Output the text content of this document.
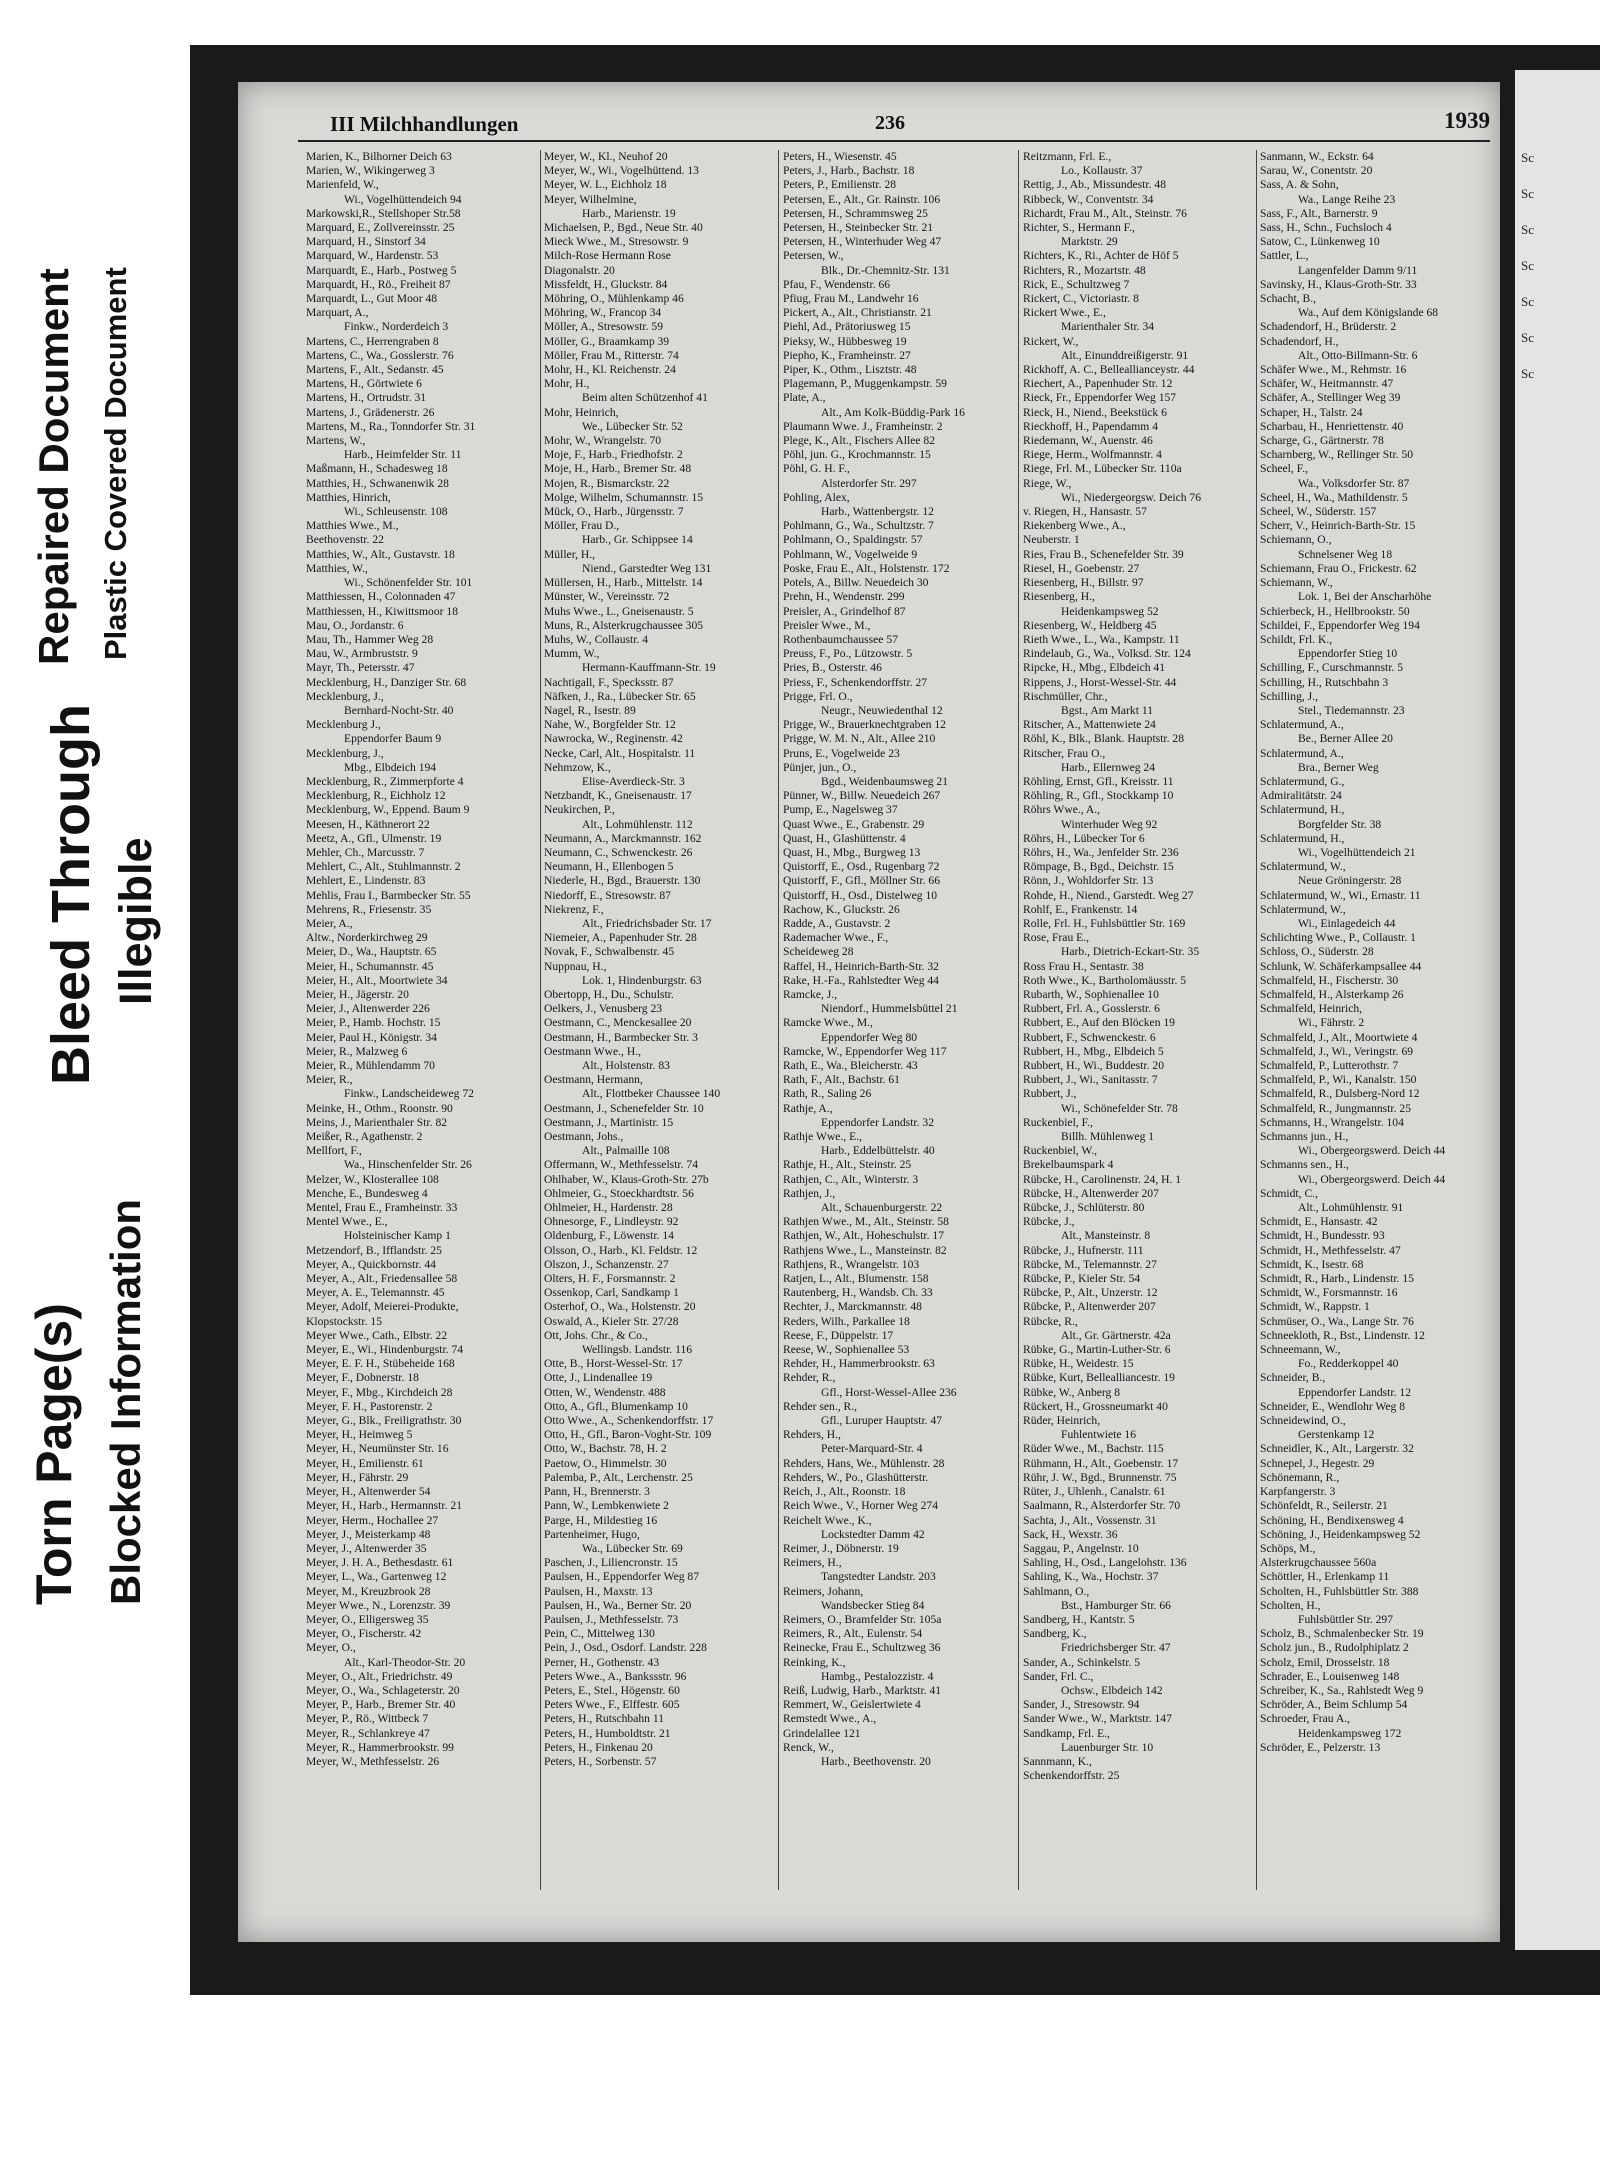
Torn Page(s) Blocked Information
Bleed Through Illegible
Repaired Document Plastic Covered Document
Sc
Sc
Sc
Sc
Sc
Sc
Sc
III Milchhandlungen	236	1939
Marien, K., Bilhorner Deich 63
Marien, W., Wikingerweg 3
Marienfeld, W.,
Wi., Vogelhüttendeich 94
Markowski,R., Stellshoper Str.58
Marquard, E., Zollvereinsstr. 25
Marquard, H., Sinstorf 34
Marquard, W., Hardenstr. 53
Marquardt, E., Harb., Postweg 5
Marquardt, H., Rö., Freiheit 87
Marquardt, L., Gut Moor 48
Marquart, A.,
Finkw., Norderdeich 3
Martens, C., Herrengraben 8
Martens, C., Wa., Gosslerstr. 76
Martens, F., Alt., Sedanstr. 45
Martens, H., Görtwiete 6
Martens, H., Ortrudstr. 31
Martens, J., Grädenerstr. 26
Martens, M., Ra., Tonndorfer Str. 31
Martens, W.,
Harb., Heimfelder Str. 11
Maßmann, H., Schadesweg 18
Matthies, H., Schwanenwik 28
Matthies, Hinrich,
Wi., Schleusenstr. 108
Matthies Wwe., M.,
Beethovenstr. 22
Matthies, W., Alt., Gustavstr. 18
Matthies, W.,
Wi., Schönenfelder Str. 101
Matthiessen, H., Colonnaden 47
Matthiessen, H., Kiwittsmoor 18
Mau, O., Jordanstr. 6
Mau, Th., Hammer Weg 28
Mau, W., Armbruststr. 9
Mayr, Th., Petersstr. 47
Mecklenburg, H., Danziger Str. 68
Mecklenburg, J.,
Bernhard-Nocht-Str. 40
Mecklenburg J.,
Eppendorfer Baum 9
Mecklenburg, J.,
Mbg., Elbdeich 194
Mecklenburg, R., Zimmerpforte 4
Mecklenburg, R., Eichholz 12
Mecklenburg, W., Eppend. Baum 9
Meesen, H., Käthnerort 22
Meetz, A., Gfl., Ulmenstr. 19
Mehler, Ch., Marcusstr. 7
Mehlert, C., Alt., Stuhlmannstr. 2
Mehlert, E., Lindenstr. 83
Mehlis, Frau I., Barmbecker Str. 55
Mehrens, R., Friesenstr. 35
Meier, A.,
Altw., Norderkirchweg 29
Meier, D., Wa., Hauptstr. 65
Meier, H., Schumannstr. 45
Meier, H., Alt., Moortwiete 34
Meier, H., Jägerstr. 20
Meier, J., Altenwerder 226
Meier, P., Hamb. Hochstr. 15
Meier, Paul H., Königstr. 34
Meier, R., Malzweg 6
Meier, R., Mühlendamm 70
Meier, R.,
Finkw., Landscheideweg 72
Meinke, H., Othm., Roonstr. 90
Meins, J., Marienthaler Str. 82
Meißer, R., Agathenstr. 2
Mellfort, F.,
Wa., Hinschenfelder Str. 26
Melzer, W., Klosterallee 108
Menche, E., Bundesweg 4
Mentel, Frau E., Framheinstr. 33
Mentel Wwe., E.,
Holsteinischer Kamp 1
Metzendorf, B., Ifflandstr. 25
Meyer, A., Quickbornstr. 44
Meyer, A., Alt., Friedensallee 58
Meyer, A. E., Telemannstr. 45
Meyer, Adolf, Meierei-Produkte,
Klopstockstr. 15
Meyer Wwe., Cath., Elbstr. 22
Meyer, E., Wi., Hindenburgstr. 74
Meyer, E. F. H., Stübeheide 168
Meyer, F., Dobnerstr. 18
Meyer, F., Mbg., Kirchdeich 28
Meyer, F. H., Pastorenstr. 2
Meyer, G., Blk., Freiligrathstr. 30
Meyer, H., Heimweg 5
Meyer, H., Neumünster Str. 16
Meyer, H., Emilienstr. 61
Meyer, H., Fährstr. 29
Meyer, H., Altenwerder 54
Meyer, H., Harb., Hermannstr. 21
Meyer, Herm., Hochallee 27
Meyer, J., Meisterkamp 48
Meyer, J., Altenwerder 35
Meyer, J. H. A., Bethesdastr. 61
Meyer, L., Wa., Gartenweg 12
Meyer, M., Kreuzbrook 28
Meyer Wwe., N., Lorenzstr. 39
Meyer, O., Elligersweg 35
Meyer, O., Fischerstr. 42
Meyer, O.,
Alt., Karl-Theodor-Str. 20
Meyer, O., Alt., Friedrichstr. 49
Meyer, O., Wa., Schlageterstr. 20
Meyer, P., Harb., Bremer Str. 40
Meyer, P., Rö., Wittbeck 7
Meyer, R., Schlankreye 47
Meyer, R., Hammerbrookstr. 99
Meyer, W., Methfesselstr. 26
Meyer, W., Kl., Neuhof 20
Meyer, W., Wi., Vogelhüttend. 13
Meyer, W. L., Eichholz 18
Meyer, Wilhelmine,
Harb., Marienstr. 19
Michaelsen, P., Bgd., Neue Str. 40
Mieck Wwe., M., Stresowstr. 9
Milch-Rose Hermann Rose
Diagonalstr. 20
Missfeldt, H., Gluckstr. 84
Möhring, O., Mühlenkamp 46
Möhring, W., Francop 34
Möller, A., Stresowstr. 59
Möller, G., Braamkamp 39
Möller, Frau M., Ritterstr. 74
Mohr, H., Kl. Reichenstr. 24
Mohr, H.,
Beim alten Schützenhof 41
Mohr, Heinrich,
We., Lübecker Str. 52
Mohr, W., Wrangelstr. 70
Moje, F., Harb., Friedhofstr. 2
Moje, H., Harb., Bremer Str. 48
Mojen, R., Bismarckstr. 22
Molge, Wilhelm, Schumannstr. 15
Mück, O., Harb., Jürgensstr. 7
Möller, Frau D.,
Harb., Gr. Schippsee 14
Müller, H.,
Niend., Garstedter Weg 131
Müllersen, H., Harb., Mittelstr. 14
Münster, W., Vereinsstr. 72
Muhs Wwe., L., Gneisenaustr. 5
Muns, R., Alsterkrugchaussee 305
Muhs, W., Collaustr. 4
Mumm, W.,
Hermann-Kauffmann-Str. 19
Nachtigall, F., Specksstr. 87
Näfken, J., Ra., Lübecker Str. 65
Nagel, R., Isestr. 89
Nahe, W., Borgfelder Str. 12
Nawrocka, W., Reginenstr. 42
Necke, Carl, Alt., Hospitalstr. 11
Nehmzow, K.,
Elise-Averdieck-Str. 3
Netzbandt, K., Gneisenaustr. 17
Neukirchen, P.,
Alt., Lohmühlenstr. 112
Neumann, A., Marckmannstr. 162
Neumann, C., Schwenckestr. 26
Neumann, H., Ellenbogen 5
Niederle, H., Bgd., Brauerstr. 130
Niedorff, E., Stresowstr. 87
Niekrenz, F.,
Alt., Friedrichsbader Str. 17
Niemeier, A., Papenhuder Str. 28
Novak, F., Schwalbenstr. 45
Nuppnau, H.,
Lok. 1, Hindenburgstr. 63
Obertopp, H., Du., Schulstr.
Oelkers, J., Venusberg 23
Oestmann, C., Menckesallee 20
Oestmann, H., Barmbecker Str. 3
Oestmann Wwe., H.,
Alt., Holstenstr. 83
Oestmann, Hermann,
Alt., Flottbeker Chaussee 140
Oestmann, J., Schenefelder Str. 10
Oestmann, J., Martinistr. 15
Oestmann, Johs.,
Alt., Palmaille 108
Offermann, W., Methfesselstr. 74
Ohlhaber, W., Klaus-Groth-Str. 27b
Ohlmeier, G., Stoeckhardtstr. 56
Ohlmeier, H., Hardenstr. 28
Ohnesorge, F., Lindleystr. 92
Oldenburg, F., Löwenstr. 14
Olsson, O., Harb., Kl. Feldstr. 12
Olszon, J., Schanzenstr. 27
Olters, H. F., Forsmannstr. 2
Ossenkop, Carl, Sandkamp 1
Osterhof, O., Wa., Holstenstr. 20
Oswald, A., Kieler Str. 27/28
Ott, Johs. Chr., & Co.,
Wellingsb. Landstr. 116
Otte, B., Horst-Wessel-Str. 17
Otte, J., Lindenallee 19
Otten, W., Wendenstr. 488
Otto, A., Gfl., Blumenkamp 10
Otto Wwe., A., Schenkendorffstr. 17
Otto, H., Gfl., Baron-Voght-Str. 109
Otto, W., Bachstr. 78, H. 2
Paetow, O., Himmelstr. 30
Palemba, P., Alt., Lerchenstr. 25
Pann, H., Brennerstr. 3
Pann, W., Lembkenwiete 2
Parge, H., Mildestieg 16
Partenheimer, Hugo,
Wa., Lübecker Str. 69
Paschen, J., Liliencronstr. 15
Paulsen, H., Eppendorfer Weg 87
Paulsen, H., Maxstr. 13
Paulsen, H., Wa., Berner Str. 20
Paulsen, J., Methfesselstr. 73
Pein, C., Mittelweg 130
Pein, J., Osd., Osdorf. Landstr. 228
Perner, H., Gothenstr. 43
Peters Wwe., A., Bankssstr. 96
Peters, E., Stel., Högenstr. 60
Peters Wwe., F., Elffestr. 605
Peters, H., Rutschbahn 11
Peters, H., Humboldtstr. 21
Peters, H., Finkenau 20
Peters, H., Sorbenstr. 57
Peters, H., Wiesenstr. 45
Peters, J., Harb., Bachstr. 18
Peters, P., Emilienstr. 28
Petersen, E., Alt., Gr. Rainstr. 106
Petersen, H., Schrammsweg 25
Petersen, H., Steinbecker Str. 21
Petersen, H., Winterhuder Weg 47
Petersen, W.,
Blk., Dr.-Chemnitz-Str. 131
Pfau, F., Wendenstr. 66
Pfiug, Frau M., Landwehr 16
Pickert, A., Alt., Christianstr. 21
Piehl, Ad., Prätoriusweg 15
Pieksy, W., Hübbesweg 19
Piepho, K., Framheinstr. 27
Piper, K., Othm., Lisztstr. 48
Plagemann, P., Muggenkampstr. 59
Plate, A.,
Alt., Am Kolk-Büddig-Park 16
Plaumann Wwe. J., Framheinstr. 2
Plege, K., Alt., Fischers Allee 82
Pöhl, jun. G., Krochmannstr. 15
Pöhl, G. H. F.,
Alsterdorfer Str. 297
Pohling, Alex,
Harb., Wattenbergstr. 12
Pohlmann, G., Wa., Schultzstr. 7
Pohlmann, O., Spaldingstr. 57
Pohlmann, W., Vogelweide 9
Poske, Frau E., Alt., Holstenstr. 172
Potels, A., Billw. Neuedeich 30
Prehn, H., Wendenstr. 299
Preisler, A., Grindelhof 87
Preisler Wwe., M.,
Rothenbaumchaussee 57
Preuss, F., Po., Lützowstr. 5
Pries, B., Osterstr. 46
Priess, F., Schenkendorffstr. 27
Prigge, Frl. O.,
Neugr., Neuwiedenthal 12
Prigge, W., Brauerknechtgraben 12
Prigge, W. M. N., Alt., Allee 210
Pruns, E., Vogelweide 23
Pünjer, jun., O.,
Bgd., Weidenbaumsweg 21
Pünner, W., Billw. Neuedeich 267
Pump, E., Nagelsweg 37
Quast Wwe., E., Grabenstr. 29
Quast, H., Glashüttenstr. 4
Quast, H., Mbg., Burgweg 13
Quistorff, E., Osd., Rugenbarg 72
Quistorff, F., Gfl., Möllner Str. 66
Quistorff, H., Osd., Distelweg 10
Rachow, K., Gluckstr. 26
Radde, A., Gustavstr. 2
Rademacher Wwe., F.,
Scheideweg 28
Raffel, H., Heinrich-Barth-Str. 32
Rake, H.-Fa., Rahlstedter Weg 44
Ramcke, J.,
Niendorf., Hummelsbüttel 21
Ramcke Wwe., M.,
Eppendorfer Weg 80
Ramcke, W., Eppendorfer Weg 117
Rath, E., Wa., Bleicherstr. 43
Rath, F., Alt., Bachstr. 61
Rath, R., Saling 26
Rathje, A.,
Eppendorfer Landstr. 32
Rathje Wwe., E.,
Harb., Eddelbüttelstr. 40
Rathje, H., Alt., Steinstr. 25
Rathjen, C., Alt., Winterstr. 3
Rathjen, J.,
Alt., Schauenburgerstr. 22
Rathjen Wwe., M., Alt., Steinstr. 58
Rathjen, W., Alt., Hoheschulstr. 17
Rathjens Wwe., L., Mansteinstr. 82
Rathjens, R., Wrangelstr. 103
Ratjen, L., Alt., Blumenstr. 158
Rautenberg, H., Wandsb. Ch. 33
Rechter, J., Marckmannstr. 48
Reders, Wilh., Parkallee 18
Reese, F., Düppelstr. 17
Reese, W., Sophienallee 53
Rehder, H., Hammerbrookstr. 63
Rehder, R.,
Gfl., Horst-Wessel-Allee 236
Rehder sen., R.,
Gfl., Luruper Hauptstr. 47
Rehders, H.,
Peter-Marquard-Str. 4
Rehders, Hans, We., Mühlenstr. 28
Rehders, W., Po., Glashütterstr.
Reich, J., Alt., Roonstr. 18
Reich Wwe., V., Horner Weg 274
Reichelt Wwe., K.,
Lockstedter Damm 42
Reimer, J., Döbnerstr. 19
Reimers, H.,
Tangstedter Landstr. 203
Reimers, Johann,
Wandsbecker Stieg 84
Reimers, O., Bramfelder Str. 105a
Reimers, R., Alt., Eulenstr. 54
Reinecke, Frau E., Schultzweg 36
Reinking, K.,
Hambg., Pestalozzistr. 4
Reiß, Ludwig, Harb., Marktstr. 41
Remmert, W., Geislertwiete 4
Remstedt Wwe., A.,
Grindelallee 121
Renck, W.,
Harb., Beethovenstr. 20
Reitzmann, Frl. E.,
Lo., Kollaustr. 37
Rettig, J., Ab., Missundestr. 48
Ribbeck, W., Conventstr. 34
Richardt, Frau M., Alt., Steinstr. 76
Richter, S., Hermann F.,
Marktstr. 29
Richters, K., Ri., Achter de Höf 5
Richters, R., Mozartstr. 48
Rick, E., Schultzweg 7
Rickert, C., Victoriastr. 8
Rickert Wwe., E.,
Marienthaler Str. 34
Rickert, W.,
Alt., Einunddreißigerstr. 91
Rickhoff, A. C., Belleallianceystr. 44
Riechert, A., Papenhuder Str. 12
Rieck, Fr., Eppendorfer Weg 157
Rieck, H., Niend., Beekstück 6
Rieckhoff, H., Papendamm 4
Riedemann, W., Auenstr. 46
Riege, Herm., Wolfmannstr. 4
Riege, Frl. M., Lübecker Str. 110a
Riege, W.,
Wi., Niedergeorgsw. Deich 76
v. Riegen, H., Hansastr. 57
Riekenberg Wwe., A.,
Neuberstr. 1
Ries, Frau B., Schenefelder Str. 39
Riesel, H., Goebenstr. 27
Riesenberg, H., Billstr. 97
Riesenberg, H.,
Heidenkampsweg 52
Riesenberg, W., Heldberg 45
Rieth Wwe., L., Wa., Kampstr. 11
Rindelaub, G., Wa., Volksd. Str. 124
Ripcke, H., Mbg., Elbdeich 41
Rippens, J., Horst-Wessel-Str. 44
Rischmüller, Chr.,
Bgst., Am Markt 11
Ritscher, A., Mattenwiete 24
Röhl, K., Blk., Blank. Hauptstr. 28
Ritscher, Frau O.,
Harb., Ellernweg 24
Röhling, Ernst, Gfl., Kreisstr. 11
Röhling, R., Gfl., Stockkamp 10
Röhrs Wwe., A.,
Winterhuder Weg 92
Röhrs, H., Lübecker Tor 6
Röhrs, H., Wa., Jenfelder Str. 236
Römpage, B., Bgd., Deichstr. 15
Rönn, J., Wohldorfer Str. 13
Rohde, H., Niend., Garstedt. Weg 27
Rohlf, E., Frankenstr. 14
Rolle, Frl. H., Fuhlsbüttler Str. 169
Rose, Frau E.,
Harb., Dietrich-Eckart-Str. 35
Ross Frau H., Sentastr. 38
Roth Wwe., K., Bartholomäusstr. 5
Rubarth, W., Sophienallee 10
Rubbert, Frl. A., Gosslerstr. 6
Rubbert, E., Auf den Blöcken 19
Rubbert, F., Schwenckestr. 6
Rubbert, H., Mbg., Elbdeich 5
Rubbert, H., Wi., Buddestr. 20
Rubbert, J., Wi., Sanitasstr. 7
Rubbert, J.,
Wi., Schönefelder Str. 78
Ruckenbiel, F.,
Billh. Mühlenweg 1
Ruckenbiel, W.,
Brekelbaumspark 4
Rübcke, H., Carolinenstr. 24, H. 1
Rübcke, H., Altenwerder 207
Rübcke, J., Schlüterstr. 80
Rübcke, J.,
Alt., Mansteinstr. 8
Rübcke, J., Hufnerstr. 111
Rübcke, M., Telemannstr. 27
Rübcke, P., Kieler Str. 54
Rübcke, P., Alt., Unzerstr. 12
Rübcke, P., Altenwerder 207
Rübcke, R.,
Alt., Gr. Gärtnerstr. 42a
Rübke, G., Martin-Luther-Str. 6
Rübke, H., Weidestr. 15
Rübke, Kurt, Bellealliancestr. 19
Rübke, W., Anberg 8
Rückert, H., Grossneumarkt 40
Rüder, Heinrich,
Fuhlentwiete 16
Rüder Wwe., M., Bachstr. 115
Rühmann, H., Alt., Goebenstr. 17
Rühr, J. W., Bgd., Brunnenstr. 75
Rüter, J., Uhlenh., Canalstr. 61
Saalmann, R., Alsterdorfer Str. 70
Sachta, J., Alt., Vossenstr. 31
Sack, H., Wexstr. 36
Saggau, P., Angelnstr. 10
Sahling, H., Osd., Langelohstr. 136
Sahling, K., Wa., Hochstr. 37
Sahlmann, O.,
Bst., Hamburger Str. 66
Sandberg, H., Kantstr. 5
Sandberg, K.,
Friedrichsberger Str. 47
Sander, A., Schinkelstr. 5
Sander, Frl. C.,
Ochsw., Elbdeich 142
Sander, J., Stresowstr. 94
Sander Wwe., W., Marktstr. 147
Sandkamp, Frl. E.,
Lauenburger Str. 10
Sannmann, K.,
Schenkendorffstr. 25
Sanmann, W., Eckstr. 64
Sarau, W., Conentstr. 20
Sass, A. & Sohn,
Wa., Lange Reihe 23
Sass, F., Alt., Barnerstr. 9
Sass, H., Schn., Fuchsloch 4
Satow, C., Lünkenweg 10
Sattler, L.,
Langenfelder Damm 9/11
Savinsky, H., Klaus-Groth-Str. 33
Schacht, B.,
Wa., Auf dem Königslande 68
Schadendorf, H., Brüderstr. 2
Schadendorf, H.,
Alt., Otto-Billmann-Str. 6
Schäfer Wwe., M., Rehmstr. 16
Schäfer, W., Heitmannstr. 47
Schäfer, A., Stellinger Weg 39
Schaper, H., Talstr. 24
Scharbau, H., Henriettenstr. 40
Scharge, G., Gärtnerstr. 78
Scharnberg, W., Rellinger Str. 50
Scheel, F.,
Wa., Volksdorfer Str. 87
Scheel, H., Wa., Mathildenstr. 5
Scheel, W., Süderstr. 157
Scherr, V., Heinrich-Barth-Str. 15
Schiemann, O.,
Schnelsener Weg 18
Schiemann, Frau O., Frickestr. 62
Schiemann, W.,
Lok. 1, Bei der Anscharhöhe
Schierbeck, H., Hellbrookstr. 50
Schildei, F., Eppendorfer Weg 194
Schildt, Frl. K.,
Eppendorfer Stieg 10
Schilling, F., Curschmannstr. 5
Schilling, H., Rutschbahn 3
Schilling, J.,
Stel., Tiedemannstr. 23
Schlatermund, A.,
Be., Berner Allee 20
Schlatermund, A.,
Bra., Berner Weg
Schlatermund, G.,
Admiralitätstr. 24
Schlatermund, H.,
Borgfelder Str. 38
Schlatermund, H.,
Wi., Vogelhüttendeich 21
Schlatermund, W.,
Neue Gröningerstr. 28
Schlatermund, W., Wi., Ernastr. 11
Schlatermund, W.,
Wi., Einlagedeich 44
Schlichting Wwe., P., Collaustr. 1
Schloss, O., Süderstr. 28
Schlunk, W. Schäferkampsallee 44
Schmalfeld, H., Fischerstr. 30
Schmalfeld, H., Alsterkamp 26
Schmalfeld, Heinrich,
Wi., Fährstr. 2
Schmalfeld, J., Alt., Moortwiete 4
Schmalfeld, J., Wi., Veringstr. 69
Schmalfeld, P., Lutterothstr. 7
Schmalfeld, P., Wi., Kanalstr. 150
Schmalfeld, R., Dulsberg-Nord 12
Schmalfeld, R., Jungmannstr. 25
Schmanns, H., Wrangelstr. 104
Schmanns jun., H.,
Wi., Obergeorgswerd. Deich 44
Schmanns sen., H.,
Wi., Obergeorgswerd. Deich 44
Schmidt, C.,
Alt., Lohmühlenstr. 91
Schmidt, E., Hansastr. 42
Schmidt, H., Bundesstr. 93
Schmidt, H., Methfesselstr. 47
Schmidt, K., Isestr. 68
Schmidt, R., Harb., Lindenstr. 15
Schmidt, W., Forsmannstr. 16
Schmidt, W., Rappstr. 1
Schmüser, O., Wa., Lange Str. 76
Schneekloth, R., Bst., Lindenstr. 12
Schneemann, W.,
Fo., Redderkoppel 40
Schneider, B.,
Eppendorfer Landstr. 12
Schneider, E., Wendlohr Weg 8
Schneidewind, O.,
Gerstenkamp 12
Schneidler, K., Alt., Largerstr. 32
Schnepel, J., Hegestr. 29
Schönemann, R.,
Karpfangerstr. 3
Schönfeldt, R., Seilerstr. 21
Schöning, H., Bendixensweg 4
Schöning, J., Heidenkampsweg 52
Schöps, M.,
Alsterkrugchaussee 560a
Schöttler, H., Erlenkamp 11
Scholten, H., Fuhlsbüttler Str. 388
Scholten, H.,
Fuhlsbüttler Str. 297
Scholz, B., Schmalenbecker Str. 19
Scholz jun., B., Rudolphiplatz 2
Scholz, Emil, Drosselstr. 18
Schrader, E., Louisenweg 148
Schreiber, K., Sa., Rahlstedt Weg 9
Schröder, A., Beim Schlump 54
Schroeder, Frau A.,
Heidenkampsweg 172
Schröder, E., Pelzerstr. 13
